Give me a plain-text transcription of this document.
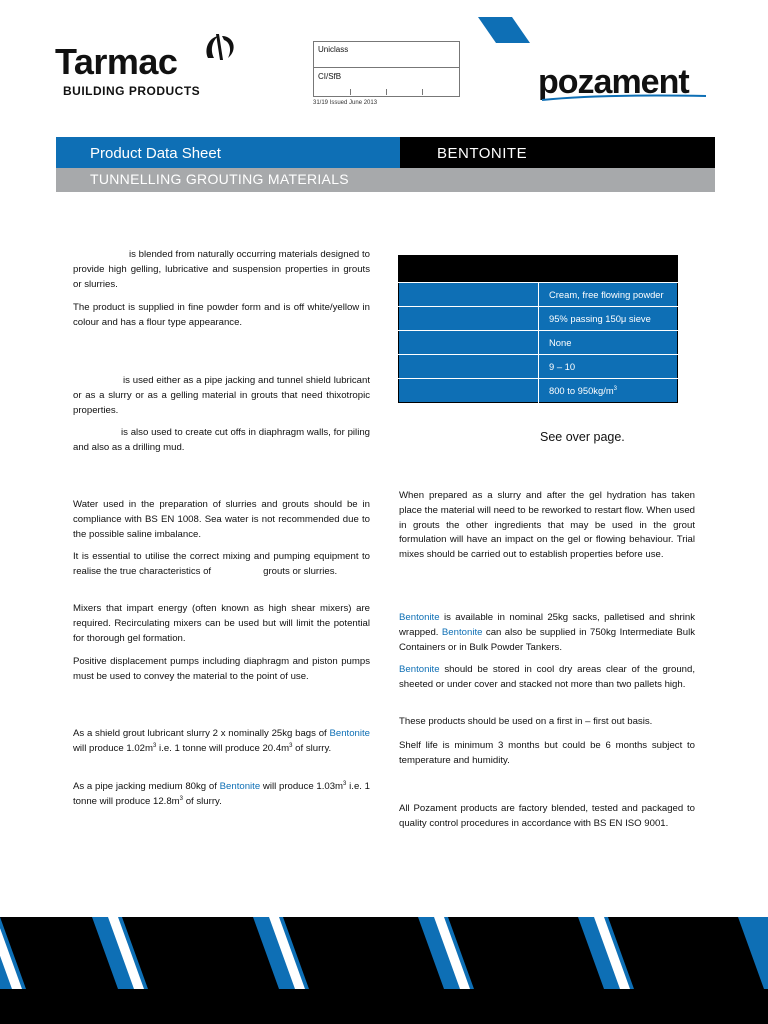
Tarmac
BUILDING PRODUCTS
Uniclass
CI/SfB
31/19 Issued June 2013
pozament
Product Data Sheet	BENTONITE
TUNNELLING GROUTING MATERIALS
is blended from naturally occurring materials designed to provide high gelling, lubricative and suspension properties in grouts or slurries.
The product is supplied in fine powder form and is off white/yellow in colour and has a flour type appearance.
is used either as a pipe jacking and tunnel shield lubricant or as a slurry or as a gelling material in grouts that need thixotropic properties.
is also used to create cut offs in diaphragm walls, for piling and also as a drilling mud.
Water used in the preparation of slurries and grouts should be in compliance with BS EN 1008. Sea water is not recommended due to the possible saline imbalance.
It is essential to utilise the correct mixing and pumping equipment to realise the true characteristics of	grouts or slurries.
Mixers that impart energy (often known as high shear mixers) are required. Recirculating mixers can be used but will limit the potential for thorough gel formation.
Positive displacement pumps including diaphragm and piston pumps must be used to convey the material to the point of use.
As a shield grout lubricant slurry 2 x nominally 25kg bags of Bentonite will produce $1.02m^3$ i.e. 1 tonne will produce $20.4m^3$ of slurry.
As a pipe jacking medium 80kg of Bentonite will produce $1.03m^3$ i.e. 1 tonne will produce $12.8m^3$ of slurry.

	Cream, free flowing powder
	95% passing 150μ sieve
	None
	9 – 10
	800 to $950kg/m^3$
See over page.
When prepared as a slurry and after the gel hydration has taken place the material will need to be reworked to restart flow. When used in grouts the other ingredients that may be used in the grout formulation will have an impact on the gel or flowing behaviour. Trial mixes should be carried out to establish properties before use.
Bentonite is available in nominal 25kg sacks, palletised and shrink wrapped. Bentonite can also be supplied in 750kg Intermediate Bulk Containers or in Bulk Powder Tankers.
Bentonite should be stored in cool dry areas clear of the ground, sheeted or under cover and stacked not more than two pallets high.
These products should be used on a first in – first out basis.
Shelf life is minimum 3 months but could be 6 months subject to temperature and humidity.
All Pozament products are factory blended, tested and packaged to quality control procedures in accordance with BS EN ISO 9001.
